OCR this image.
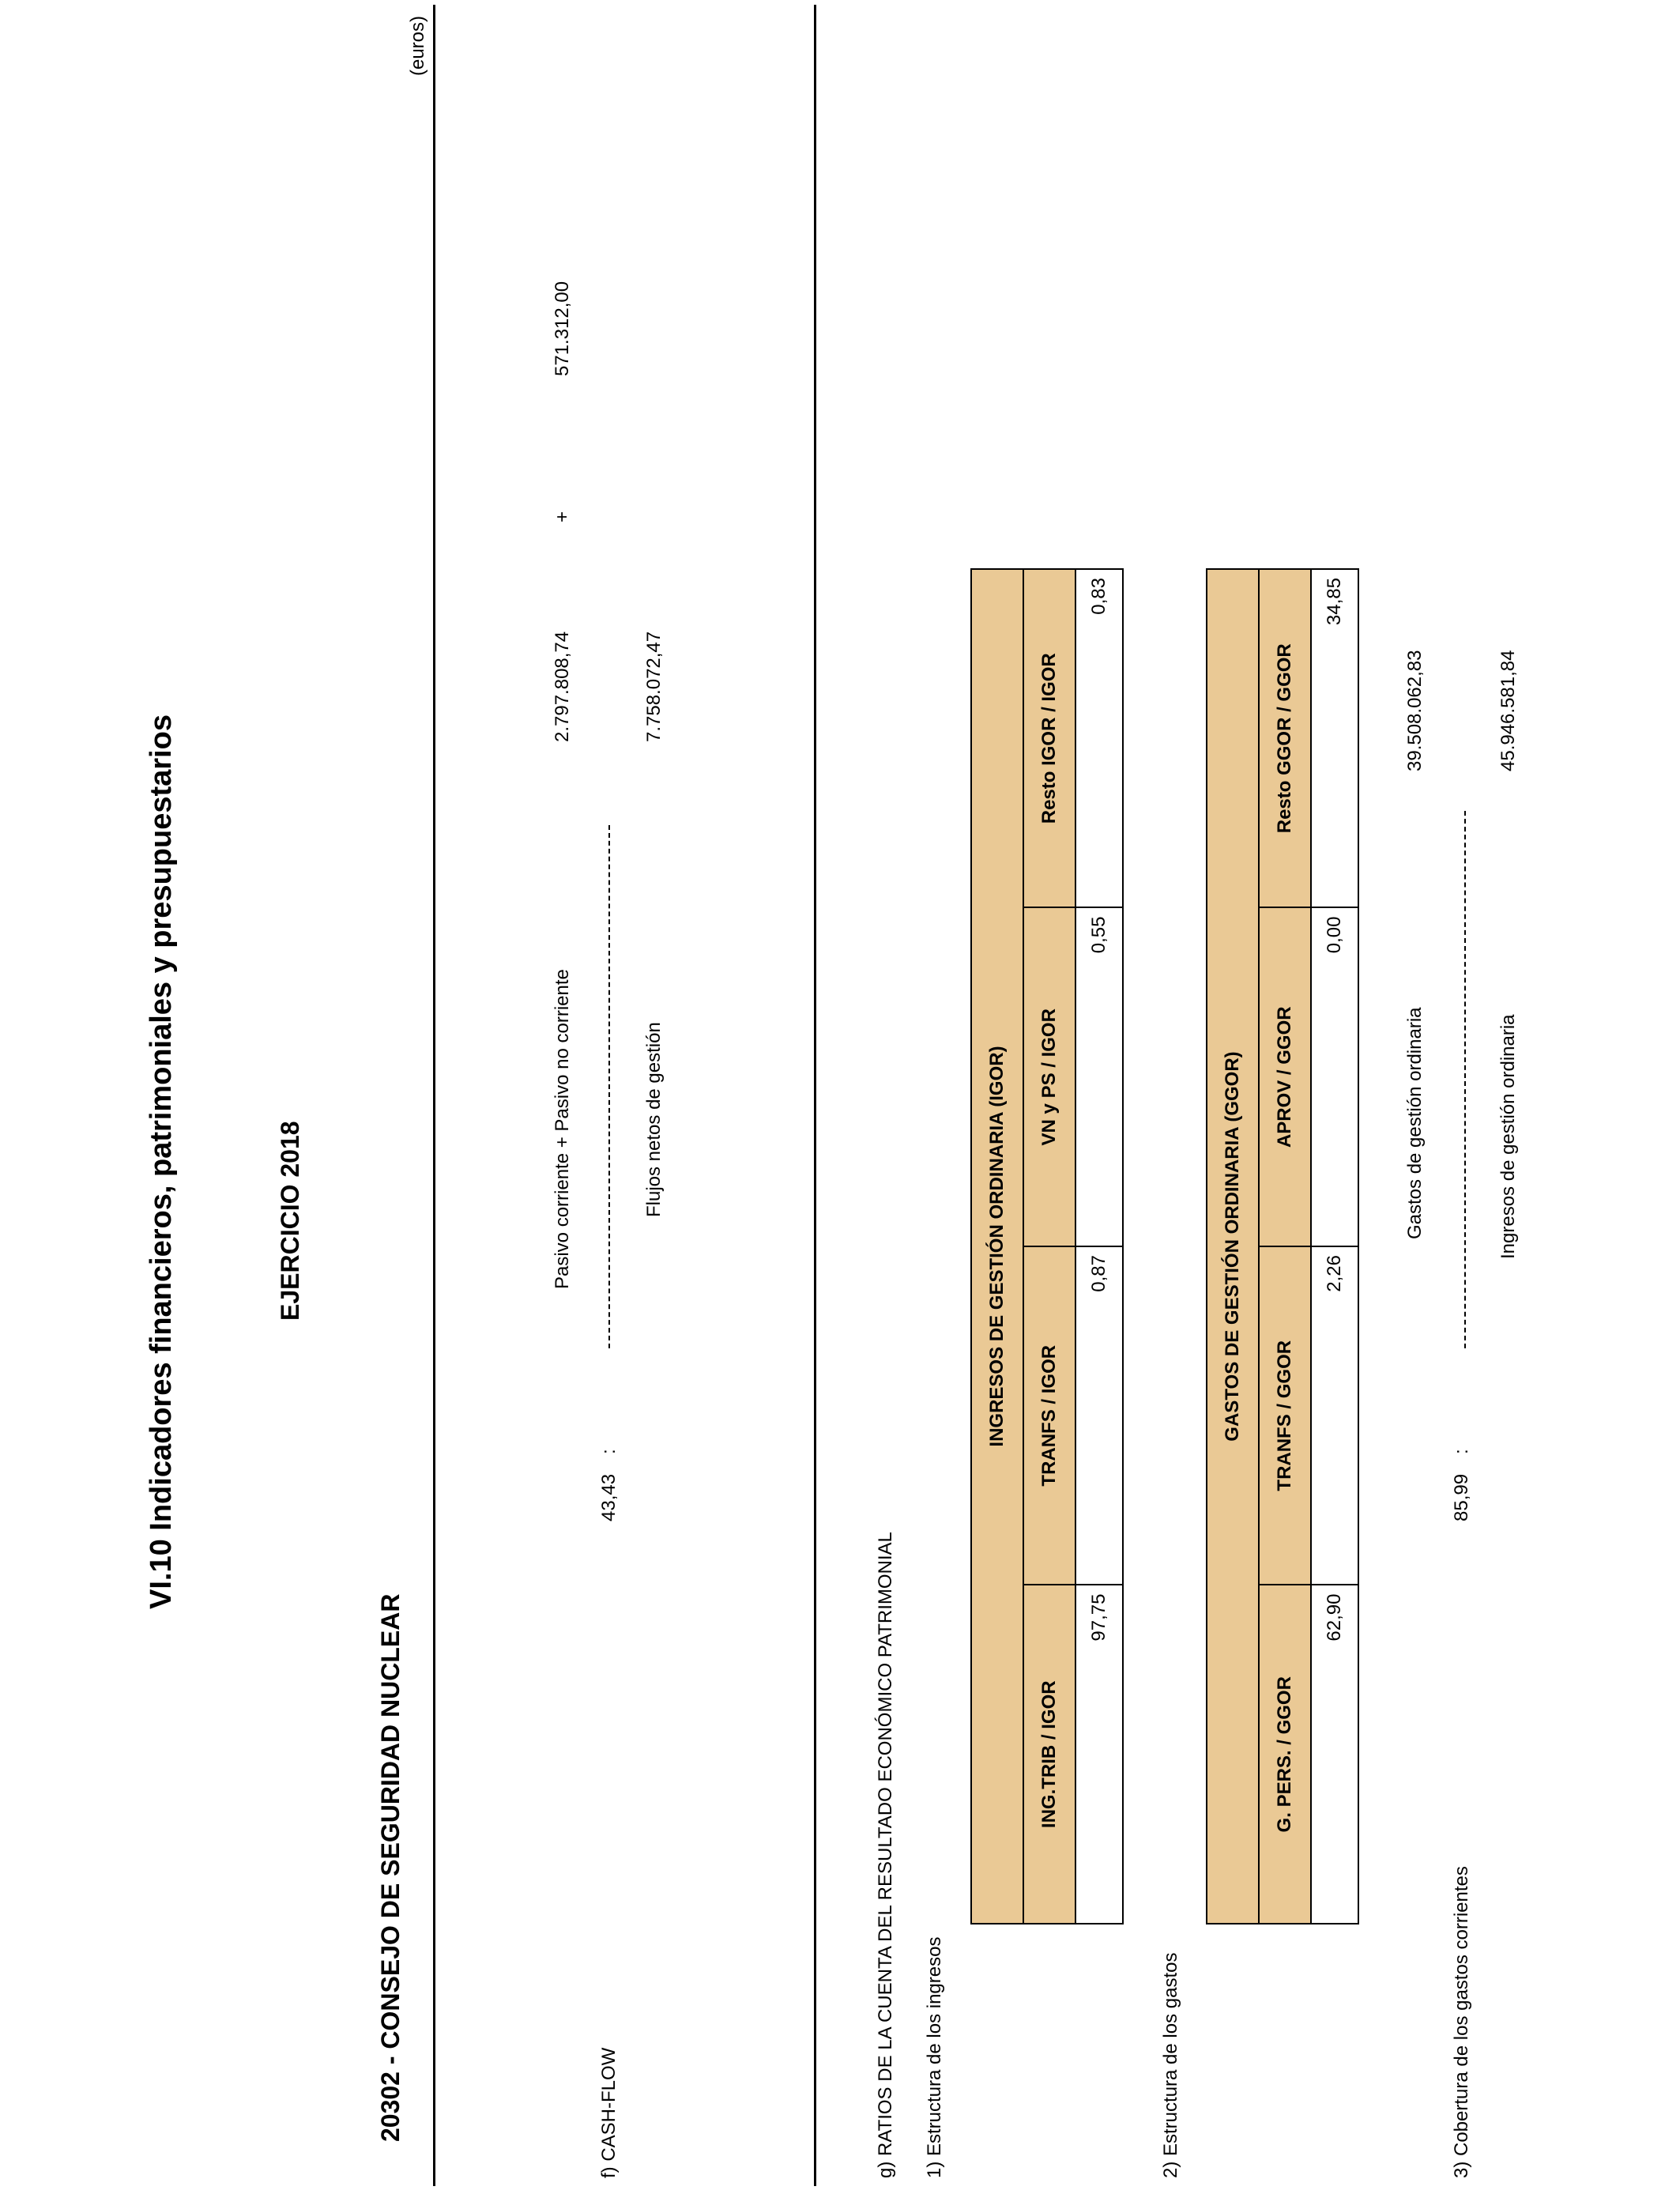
VI.10 Indicadores financieros, patrimoniales y presupuestarios	EJERCICIO 2018
20302 - CONSEJO DE SEGURIDAD NUCLEAR
(euros)
f) CASH-FLOW
43,43
:
Pasivo corriente + Pasivo no corriente
2.797.808,74
+
571.312,00
Flujos netos de gestión
7.758.072,47
g) RATIOS DE LA CUENTA DEL RESULTADO ECONÓMICO PATRIMONIAL 1) Estructura de los ingresos
INGRESOS DE GESTIÓN ORDINARIA (IGOR)			
ING.TRIB / IGOR	TRANFS / IGOR	VN y PS / IGOR	Resto IGOR / IGOR
97,75	0,87	0,55	0,83
2) Estructura de los gastos
GASTOS DE GESTIÓN ORDINARIA (GGOR)			
G. PERS. / GGOR	TRANFS / GGOR	APROV / GGOR	Resto GGOR / GGOR
62,90	2,26	0,00	34,85
3) Cobertura de los gastos corrientes
85,99
:
Gastos de gestión ordinaria
39.508.062,83
Ingresos de gestión ordinaria
45.946.581,84
